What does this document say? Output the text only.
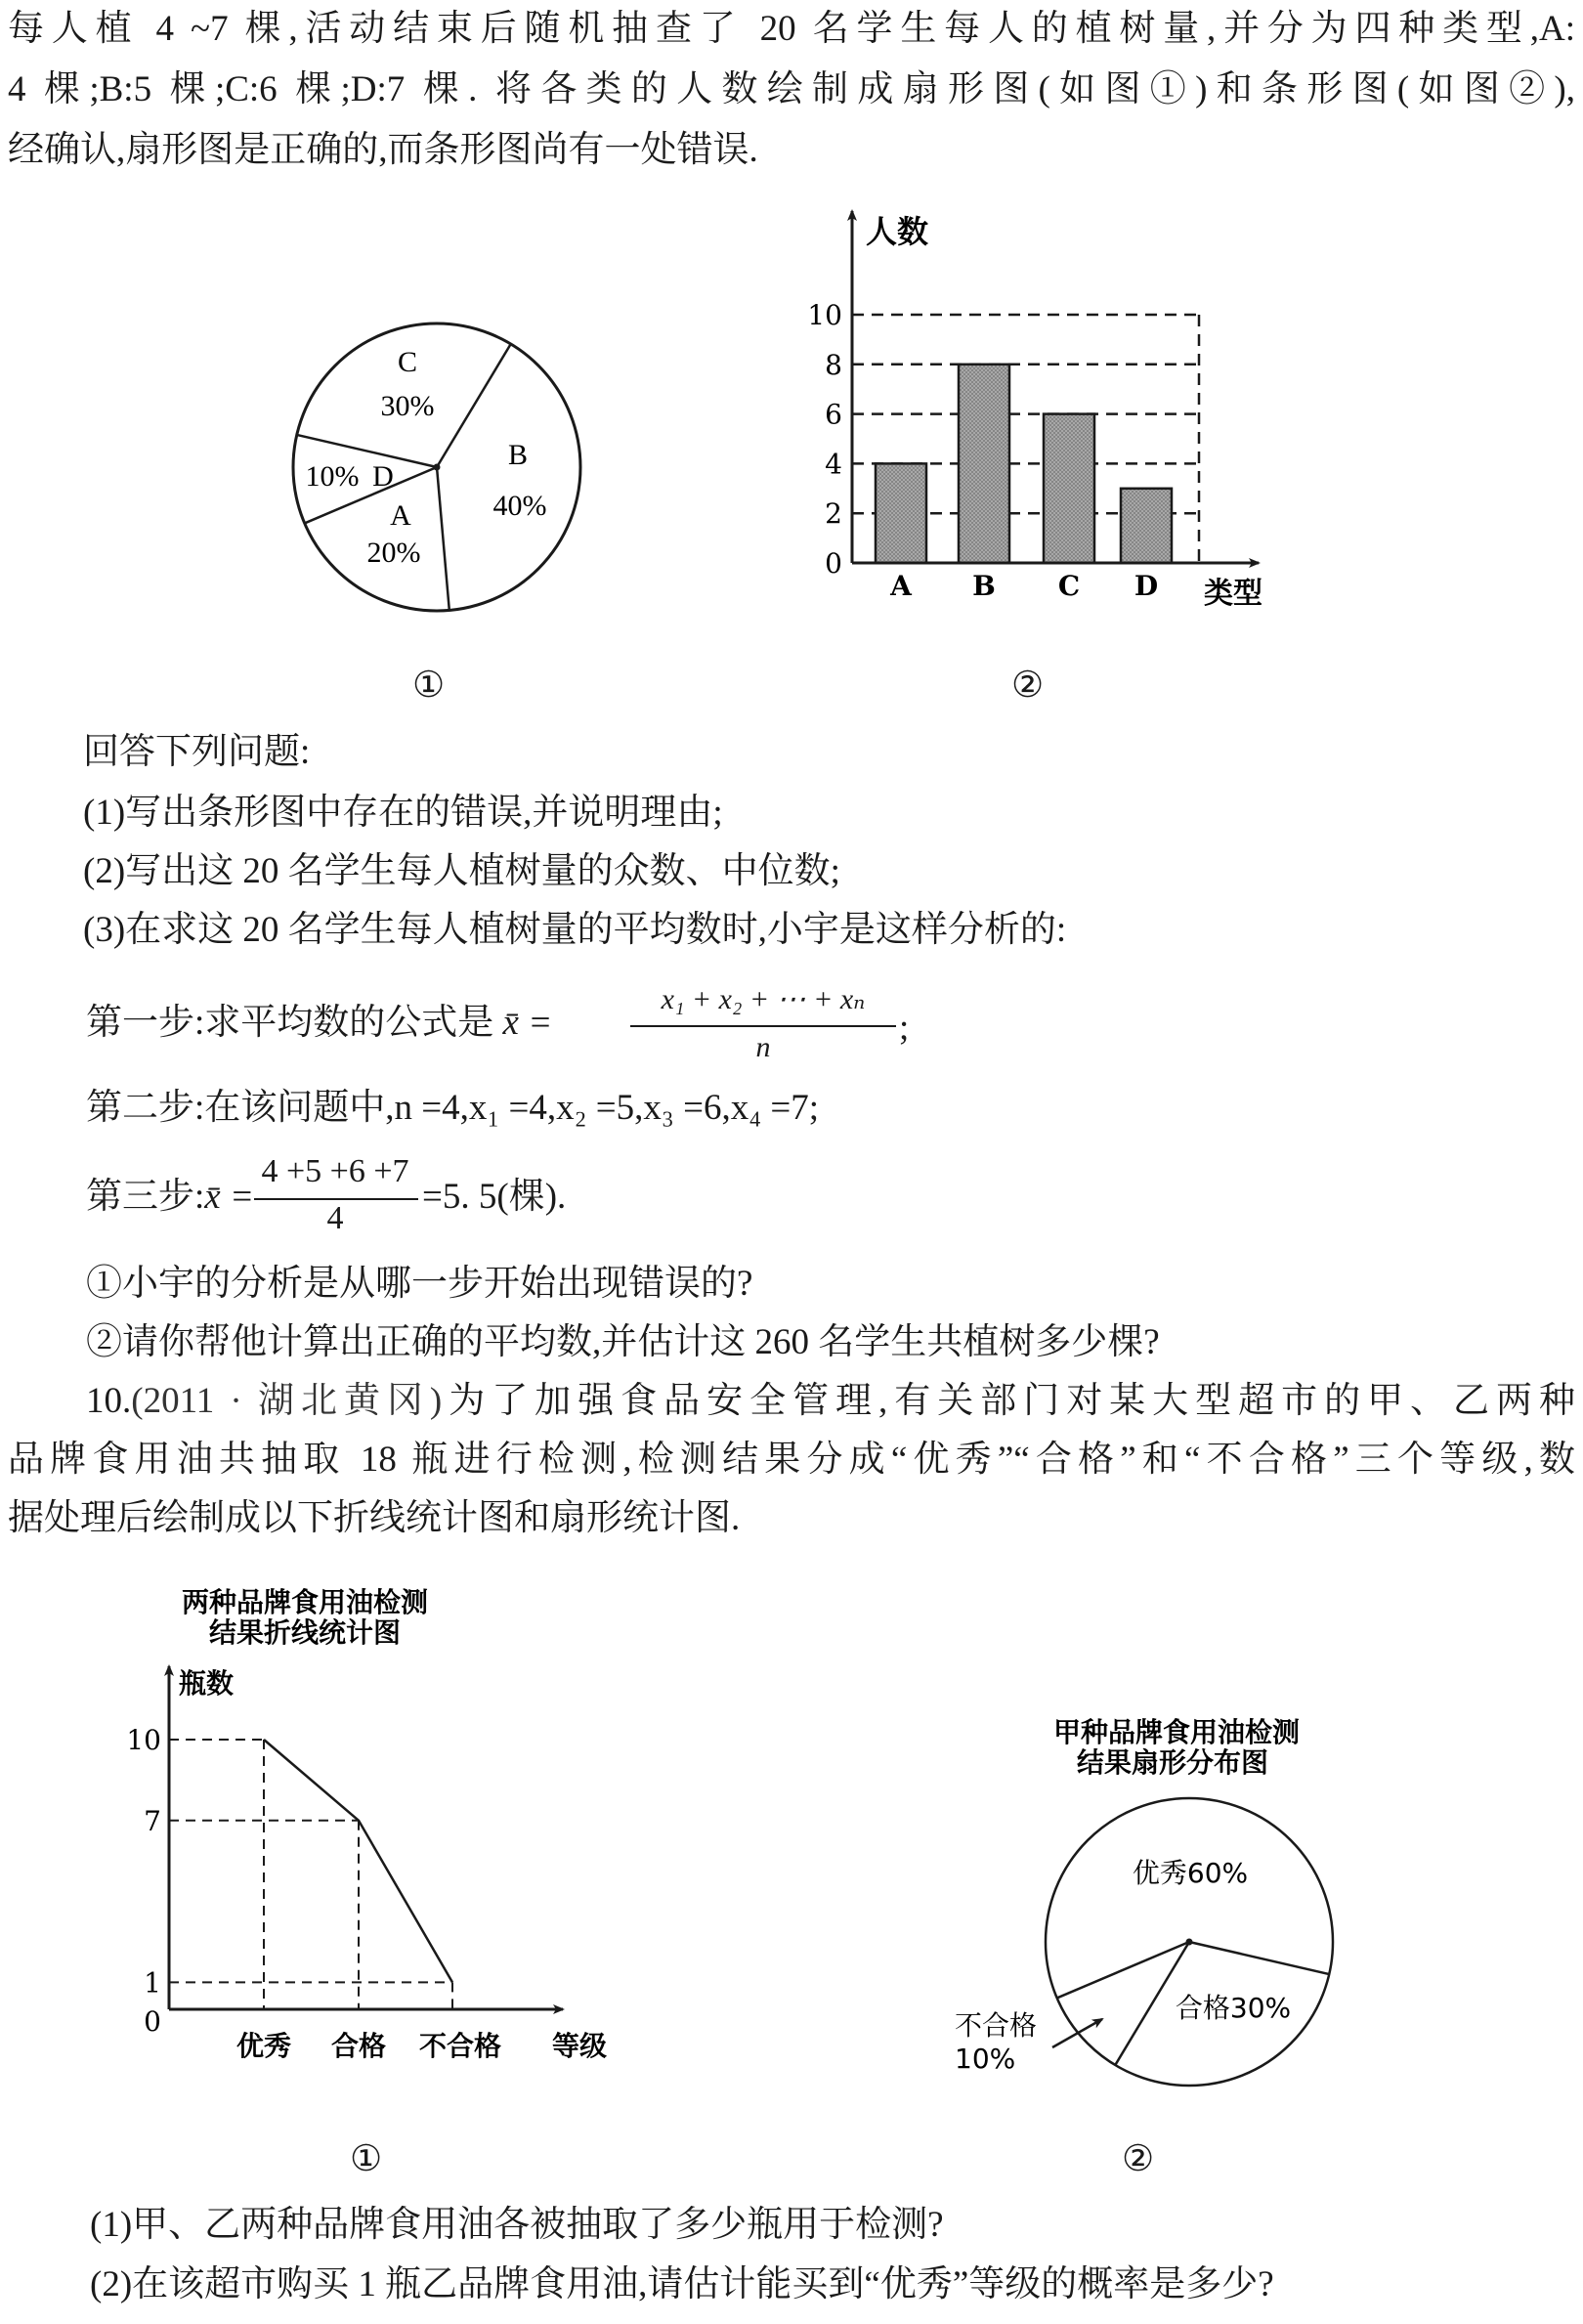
每人植 4 ~7 棵,活动结束后随机抽查了 20 名学生每人的植树量,并分为四种类型,A:
4 棵;B:5 棵;C:6 棵;D:7 棵. 将各类的人数绘制成扇形图(如图①)和条形图(如图②),
经确认,扇形图是正确的,而条形图尚有一处错误.
C
30%
B
40%
A
20%
10% D
A B C D
0
2
4
6
8
10
人数
类型
两种品牌食用油检测
结果折线统计图
0
1
7
10
优秀 合格 不合格
瓶数
等级
甲种品牌食用油检测
结果扇形分布图
优秀60%
合格30%
不合格
10%
①	②
回答下列问题:
(1)写出条形图中存在的错误,并说明理由;
(2)写出这 20 名学生每人植树量的众数、中位数;
(3)在求这 20 名学生每人植树量的平均数时,小宇是这样分析的:
第一步:求平均数的公式是 x̄ =
x₁ + x₂ + ⋯ + xₙ
n	;
第二步:在该问题中,n =4,x₁ =4,x₂ =5,x₃ =6,x₄ =7;
第三步:x̄ =
4 +5 +6 +7
4
=5. 5(棵).
①小宇的分析是从哪一步开始出现错误的?
②请你帮他计算出正确的平均数,并估计这 260 名学生共植树多少棵?
10.(2011 · 湖北黄冈)为了加强食品安全管理,有关部门对某大型超市的甲、乙两种
品牌食用油共抽取 18 瓶进行检测,检测结果分成“优秀”“合格”和“不合格”三个等级,数
据处理后绘制成以下折线统计图和扇形统计图.
①	②
(1)甲、乙两种品牌食用油各被抽取了多少瓶用于检测?
(2)在该超市购买 1 瓶乙品牌食用油,请估计能买到“优秀”等级的概率是多少?
